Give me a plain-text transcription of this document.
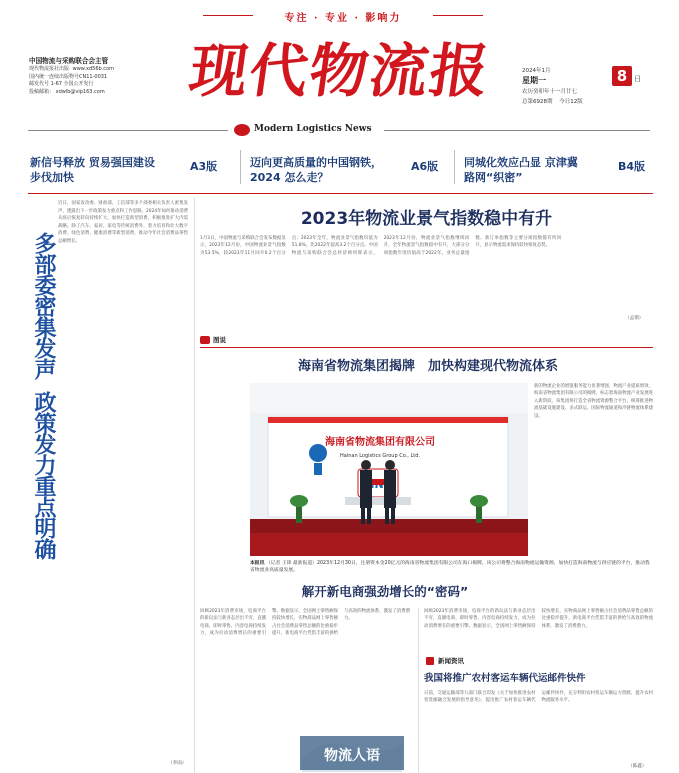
专注 · 专业 · 影响力
中国物流与采购联合会主管
现代物流报社出版 www.xd56b.com
国内统一连续出版物号CN11-0031
邮发代号 1-67 全国公开发行
投稿邮箱： xdwlb@vip163.com	现代物流报	2024年1月
星期一	8 日
农历癸卯年十一月廿七
总第6928期 今日12版
Modern Logistics News
新信号释放 贸易强国建设
步伐加快
A3版	迈向更高质量的中国钢铁，
2024 怎么走？
A6版 同城化效应凸显 京津冀
路网“织密”
B4版
多部委密集发声
政策发力重点明确
近日，国家发改委、财政部、工信部等多个部委相关负责人密集发声，透露出下一步政策发力重点和工作思路。2024年如何推动消费从疫后恢复转向持续扩大，加快打造新型消费，积极推进扩大内需战略。除了汽车、家居、家电等传统消费外，着力培育和壮大数字消费、绿色消费、健康消费等新型消费，推动今年社会消费品零售总额增长。
（李雨）
2023年物流业景气指数稳中有升
1月3日，中国物流与采购联合会发布数据显示，2023年12月份，中国物流业景气指数为53.5%，较2023年11月回升0.2个百分点；2023年全年，物流业景气指数均值为51.8%，比2022年提高3.2个百分点。中国物流与采购联合会总经济师何辉表示，2023年12月份，物流业景气指数继续回升，全年物流景气指数稳中有升，大部分分项指数年度均值高于2022年。业务总量指数、新订单指数等主要分项指数都有所回升，显示物流需求保持较快恢复态势。
（孟彻）
图说
海南省物流集团揭牌　加快构建现代物流体系
海南省物流集团有限公司
Hainan Logistics Group Co., Ltd.
新的物流企业的增值服务能力显著增强，物流产业提质增效，海南省物流集团有限公司的揭牌，标志着海南物流产业发展进入新阶段，该集团将打造全省物流资源整合平台，统筹推进物流基础设施建设、多式联运、国际物流通道和冷链物流体系建设。
本报讯 （记者 王锋 最新报道）2023年12月30日，注册资本金20亿元的海南省物流集团有限公司在海口揭牌。该公司将整合海南物流运输资源，加快打造海南物流与供应链的平台，推动我省物流业高质量发展。
解开新电商强劲增长的“密码”
回顾2023年消费市场，电商平台的新玩法与新业态层出不穷，直播电商、即时零售、内容电商持续发力，成为拉动消费增长的重要引擎。数据显示，全国网上零售额保持较快增长，实物商品网上零售额占社会消费品零售总额的比重稳步提升，新电商平台凭借丰富的供给与高效的物流体系，激发了消费潜力。
物流人语
回顾2023年消费市场，电商平台的新玩法与新业态层出不穷，直播电商、即时零售、内容电商持续发力，成为拉动消费增长的重要引擎。数据显示，全国网上零售额保持较快增长，实物商品网上零售额占社会消费品零售总额的比重稳步提升，新电商平台凭借丰富的供给与高效的物流体系，激发了消费潜力。
新闻资讯
我国将推广农村客运车辆代运邮件快件
日前，交通运输部等九部门联合印发《关于加快推进农村客货邮融合发展的指导意见》，提出推广农村客运车辆代运邮件快件，充分利用农村客运车辆运力资源，提升农村物流服务水平。
（陈鑫）
